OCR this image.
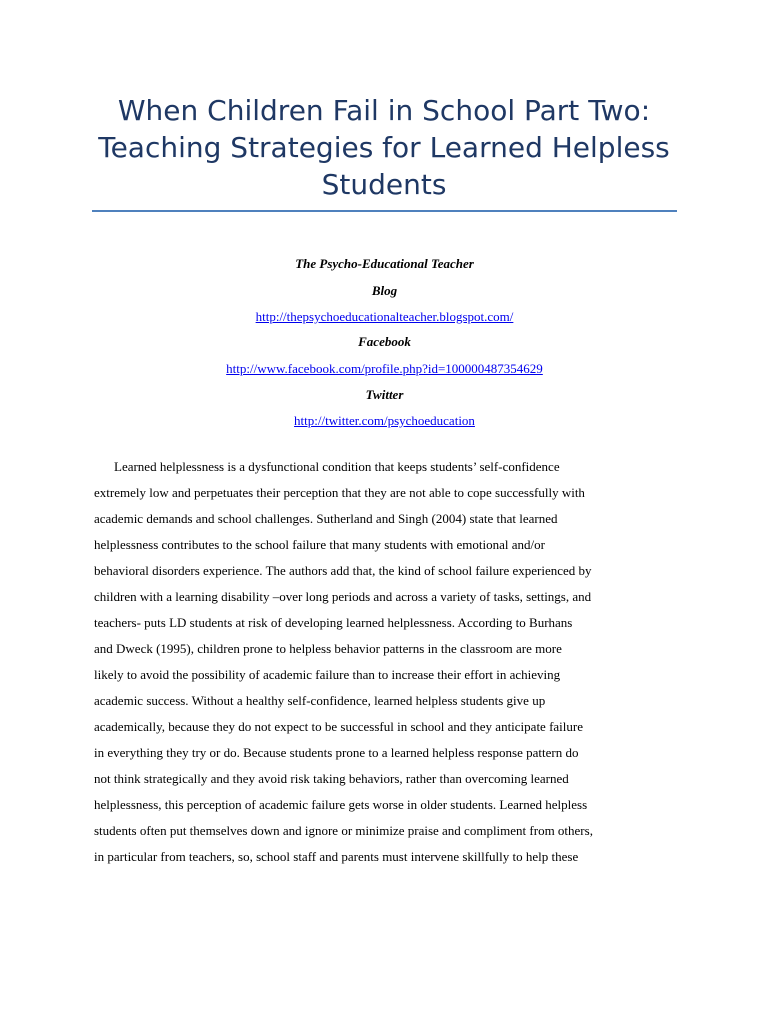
When Children Fail in School Part Two:
Teaching Strategies for Learned Helpless
Students
The Psycho-Educational Teacher
Blog
http://thepsychoeducationalteacher.blogspot.com/
Facebook
http://www.facebook.com/profile.php?id=100000487354629
Twitter
http://twitter.com/psychoeducation
Learned helplessness is a dysfunctional condition that keeps students’ self-confidence
extremely low and perpetuates their perception that they are not able to cope successfully with
academic demands and school challenges. Sutherland and Singh (2004) state that learned
helplessness contributes to the school failure that many students with emotional and/or
behavioral disorders experience. The authors add that, the kind of school failure experienced by
children with a learning disability –over long periods and across a variety of tasks, settings, and
teachers- puts LD students at risk of developing learned helplessness. According to Burhans
and Dweck (1995), children prone to helpless behavior patterns in the classroom are more
likely to avoid the possibility of academic failure than to increase their effort in achieving
academic success. Without a healthy self-confidence, learned helpless students give up
academically, because they do not expect to be successful in school and they anticipate failure
in everything they try or do. Because students prone to a learned helpless response pattern do
not think strategically and they avoid risk taking behaviors, rather than overcoming learned
helplessness, this perception of academic failure gets worse in older students. Learned helpless
students often put themselves down and ignore or minimize praise and compliment from others,
in particular from teachers, so, school staff and parents must intervene skillfully to help these
